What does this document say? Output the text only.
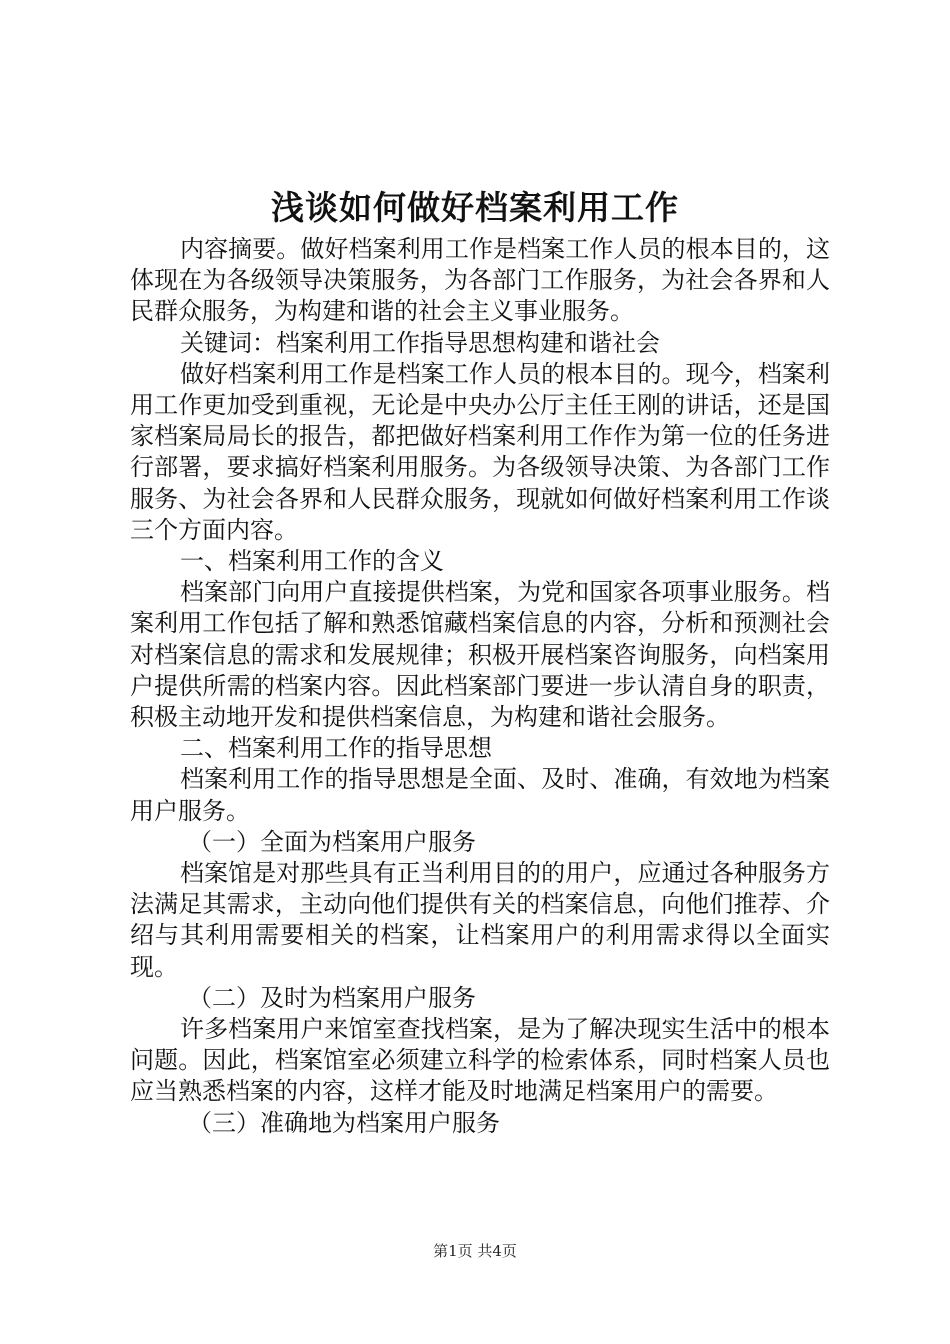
浅谈如何做好档案利用工作

内容摘要。做好档案利用工作是档案工作人员的根本目的，这体现在为各级领导决策服务，为各部门工作服务，为社会各界和人民群众服务，为构建和谐的社会主义事业服务。

关键词：档案利用工作指导思想构建和谐社会

做好档案利用工作是档案工作人员的根本目的。现今，档案利用工作更加受到重视，无论是中央办公厅主任王刚的讲话，还是国家档案局局长的报告，都把做好档案利用工作作为第一位的任务进行部署，要求搞好档案利用服务。为各级领导决策、为各部门工作服务、为社会各界和人民群众服务，现就如何做好档案利用工作谈三个方面内容。

一、档案利用工作的含义

档案部门向用户直接提供档案，为党和国家各项事业服务。档案利用工作包括了解和熟悉馆藏档案信息的内容，分析和预测社会对档案信息的需求和发展规律；积极开展档案咨询服务，向档案用户提供所需的档案内容。因此档案部门要进一步认清自身的职责，积极主动地开发和提供档案信息，为构建和谐社会服务。

二、档案利用工作的指导思想

档案利用工作的指导思想是全面、及时、准确，有效地为档案用户服务。

（一）全面为档案用户服务

档案馆是对那些具有正当利用目的的用户，应通过各种服务方法满足其需求，主动向他们提供有关的档案信息，向他们推荐、介绍与其利用需要相关的档案，让档案用户的利用需求得以全面实现。

（二）及时为档案用户服务

许多档案用户来馆室查找档案，是为了解决现实生活中的根本问题。因此，档案馆室必须建立科学的检索体系，同时档案人员也应当熟悉档案的内容，这样才能及时地满足档案用户的需要。

（三）准确地为档案用户服务

第1页 共4页
